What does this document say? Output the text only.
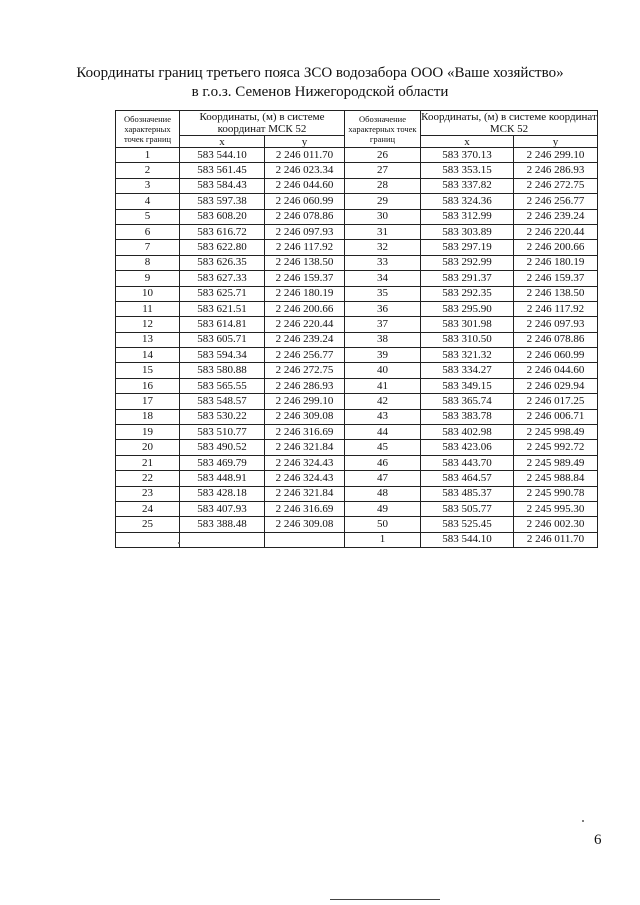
Координаты границ третьего пояса ЗСО водозабора ООО «Ваше хозяйство»
в г.о.з. Семенов Нижегородской области
Обозначение характерных точек границ	Координаты, (м) в системе координат МСК 52		Обозначение характерных точек границ	Координаты, (м) в системе координат МСК 52	
	x	y		x	y
1	583 544.10	2 246 011.70	26	583 370.13	2 246 299.10
2	583 561.45	2 246 023.34	27	583 353.15	2 246 286.93
3	583 584.43	2 246 044.60	28	583 337.82	2 246 272.75
4	583 597.38	2 246 060.99	29	583 324.36	2 246 256.77
5	583 608.20	2 246 078.86	30	583 312.99	2 246 239.24
6	583 616.72	2 246 097.93	31	583 303.89	2 246 220.44
7	583 622.80	2 246 117.92	32	583 297.19	2 246 200.66
8	583 626.35	2 246 138.50	33	583 292.99	2 246 180.19
9	583 627.33	2 246 159.37	34	583 291.37	2 246 159.37
10	583 625.71	2 246 180.19	35	583 292.35	2 246 138.50
11	583 621.51	2 246 200.66	36	583 295.90	2 246 117.92
12	583 614.81	2 246 220.44	37	583 301.98	2 246 097.93
13	583 605.71	2 246 239.24	38	583 310.50	2 246 078.86
14	583 594.34	2 246 256.77	39	583 321.32	2 246 060.99
15	583 580.88	2 246 272.75	40	583 334.27	2 246 044.60
16	583 565.55	2 246 286.93	41	583 349.15	2 246 029.94
17	583 548.57	2 246 299.10	42	583 365.74	2 246 017.25
18	583 530.22	2 246 309.08	43	583 383.78	2 246 006.71
19	583 510.77	2 246 316.69	44	583 402.98	2 245 998.49
20	583 490.52	2 246 321.84	45	583 423.06	2 245 992.72
21	583 469.79	2 246 324.43	46	583 443.70	2 245 989.49
22	583 448.91	2 246 324.43	47	583 464.57	2 245 988.84
23	583 428.18	2 246 321.84	48	583 485.37	2 245 990.78
24	583 407.93	2 246 316.69	49	583 505.77	2 245 995.30
25	583 388.48	2 246 309.08	50	583 525.45	2 246 002.30
			1	583 544.10	2 246 011.70
6
